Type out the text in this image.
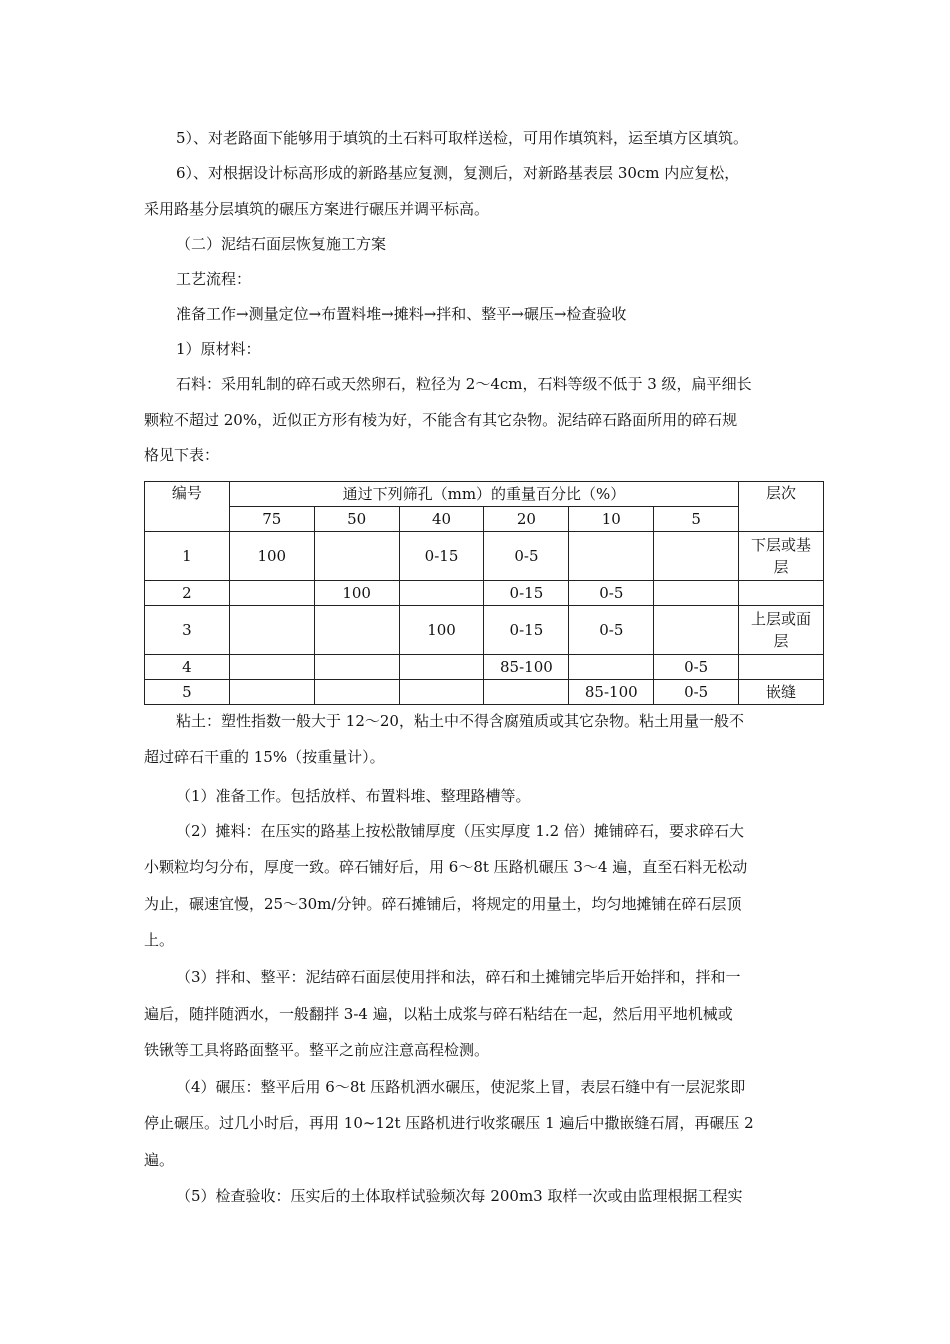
5）、对老路面下能够用于填筑的土石料可取样送检，可用作填筑料，运至填方区填筑。
6）、对根据设计标高形成的新路基应复测，复测后，对新路基表层 30cm 内应复松，
采用路基分层填筑的碾压方案进行碾压并调平标高。
（二）泥结石面层恢复施工方案
工艺流程：
准备工作→测量定位→布置料堆→摊料→拌和、整平→碾压→检查验收
1）原材料：
石料：采用轧制的碎石或天然卵石，粒径为 2～4cm，石料等级不低于 3 级，扁平细长
颗粒不超过 20%，近似正方形有棱为好，不能含有其它杂物。泥结碎石路面所用的碎石规
格见下表：
编号	通过下列筛孔（mm）的重量百分比（%）						层次
	75	50	40	20	10	5	
1	100		0-15	0-5			下层或基
层
2		100		0-15	0-5		
3			100	0-15	0-5		上层或面
层
4				85-100		0-5	
5					85-100	0-5	嵌缝
粘土：塑性指数一般大于 12～20，粘土中不得含腐殖质或其它杂物。粘土用量一般不
超过碎石干重的 15%（按重量计）。
（1）准备工作。包括放样、布置料堆、整理路槽等。
（2）摊料：在压实的路基上按松散铺厚度（压实厚度 1.2 倍）摊铺碎石，要求碎石大
小颗粒均匀分布，厚度一致。碎石铺好后，用 6～8t 压路机碾压 3～4 遍，直至石料无松动
为止，碾速宜慢，25～30m/分钟。碎石摊铺后，将规定的用量土，均匀地摊铺在碎石层顶
上。
（3）拌和、整平：泥结碎石面层使用拌和法，碎石和土摊铺完毕后开始拌和，拌和一
遍后，随拌随洒水，一般翻拌 3-4 遍，以粘土成浆与碎石粘结在一起，然后用平地机械或
铁锹等工具将路面整平。整平之前应注意高程检测。
（4）碾压：整平后用 6～8t 压路机洒水碾压，使泥浆上冒，表层石缝中有一层泥浆即
停止碾压。过几小时后，再用 10~12t 压路机进行收浆碾压 1 遍后中撒嵌缝石屑，再碾压 2
遍。
（5）检查验收：压实后的土体取样试验频次每 200m3 取样一次或由监理根据工程实
